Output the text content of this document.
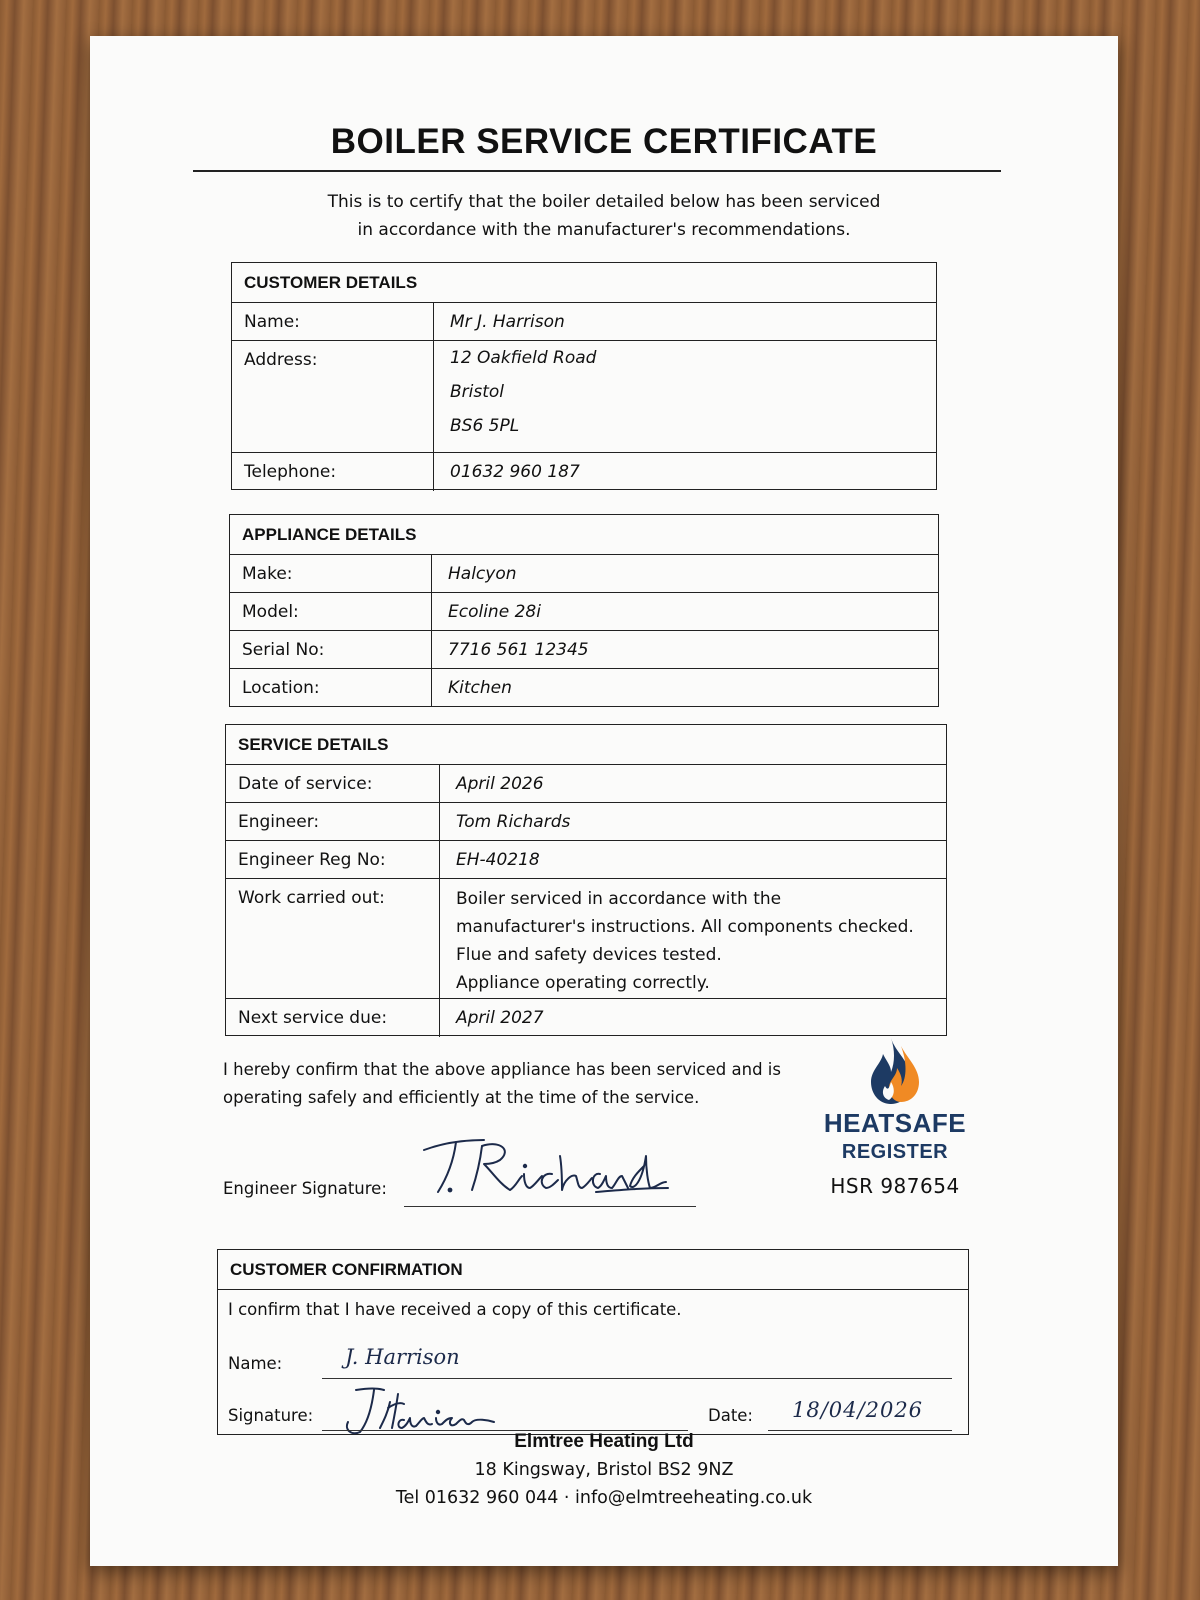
BOILER SERVICE CERTIFICATE
This is to certify that the boiler detailed below has been serviced
in accordance with the manufacturer's recommendations.
CUSTOMER DETAILS
Name:	Mr J. Harrison
Address:	12 Oakfield Road
Bristol
BS6 5PL
Telephone:	01632 960 187
APPLIANCE DETAILS
Make:	Halcyon
Model:	Ecoline 28i
Serial No:	7716 561 12345
Location:	Kitchen
SERVICE DETAILS
Date of service:	April 2026
Engineer:	Tom Richards
Engineer Reg No:	EH-40218
Work carried out:	Boiler serviced in accordance with the
manufacturer's instructions. All components checked.
Flue and safety devices tested.
Appliance operating correctly.
Next service due:	April 2027
I hereby confirm that the above appliance has been serviced and is
operating safely and efficiently at the time of the service.
Engineer Signature:
HEATSAFE
REGISTER
HSR 987654
CUSTOMER CONFIRMATION
I confirm that I have received a copy of this certificate.
Name:	J. Harrison
Signature:	Date: 18/04/2026
Elmtree Heating Ltd
18 Kingsway, Bristol BS2 9NZ
Tel 01632 960 044 · info@elmtreeheating.co.uk
